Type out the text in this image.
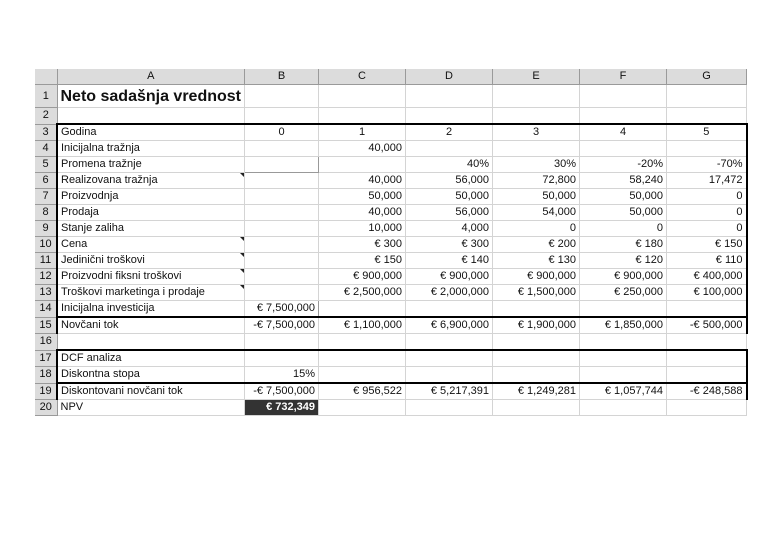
	A	B	C	D	E	F	G
1	Neto sadašnja vrednost						
2							
3	Godina	0	1	2	3	4	5
4	Inicijalna tražnja		40,000				
5	Promena tražnje			40%	30%	-20%	-70%
6	Realizovana tražnja		40,000	56,000	72,800	58,240	17,472
7	Proizvodnja		50,000	50,000	50,000	50,000	0
8	Prodaja		40,000	56,000	54,000	50,000	0
9	Stanje zaliha		10,000	4,000	0	0	0
10	Cena		€ 300	€ 300	€ 200	€ 180	€ 150
11	Jedinični troškovi		€ 150	€ 140	€ 130	€ 120	€ 110
12	Proizvodni fiksni troškovi		€ 900,000	€ 900,000	€ 900,000	€ 900,000	€ 400,000
13	Troškovi marketinga i prodaje		€ 2,500,000	€ 2,000,000	€ 1,500,000	€ 250,000	€ 100,000
14	Inicijalna investicija	€ 7,500,000					
15	Novčani tok	-€ 7,500,000	€ 1,100,000	€ 6,900,000	€ 1,900,000	€ 1,850,000	-€ 500,000
16							
17	DCF analiza						
18	Diskontna stopa	15%					
19	Diskontovani novčani tok	-€ 7,500,000	€ 956,522	€ 5,217,391	€ 1,249,281	€ 1,057,744	-€ 248,588
20	NPV	€ 732,349					
